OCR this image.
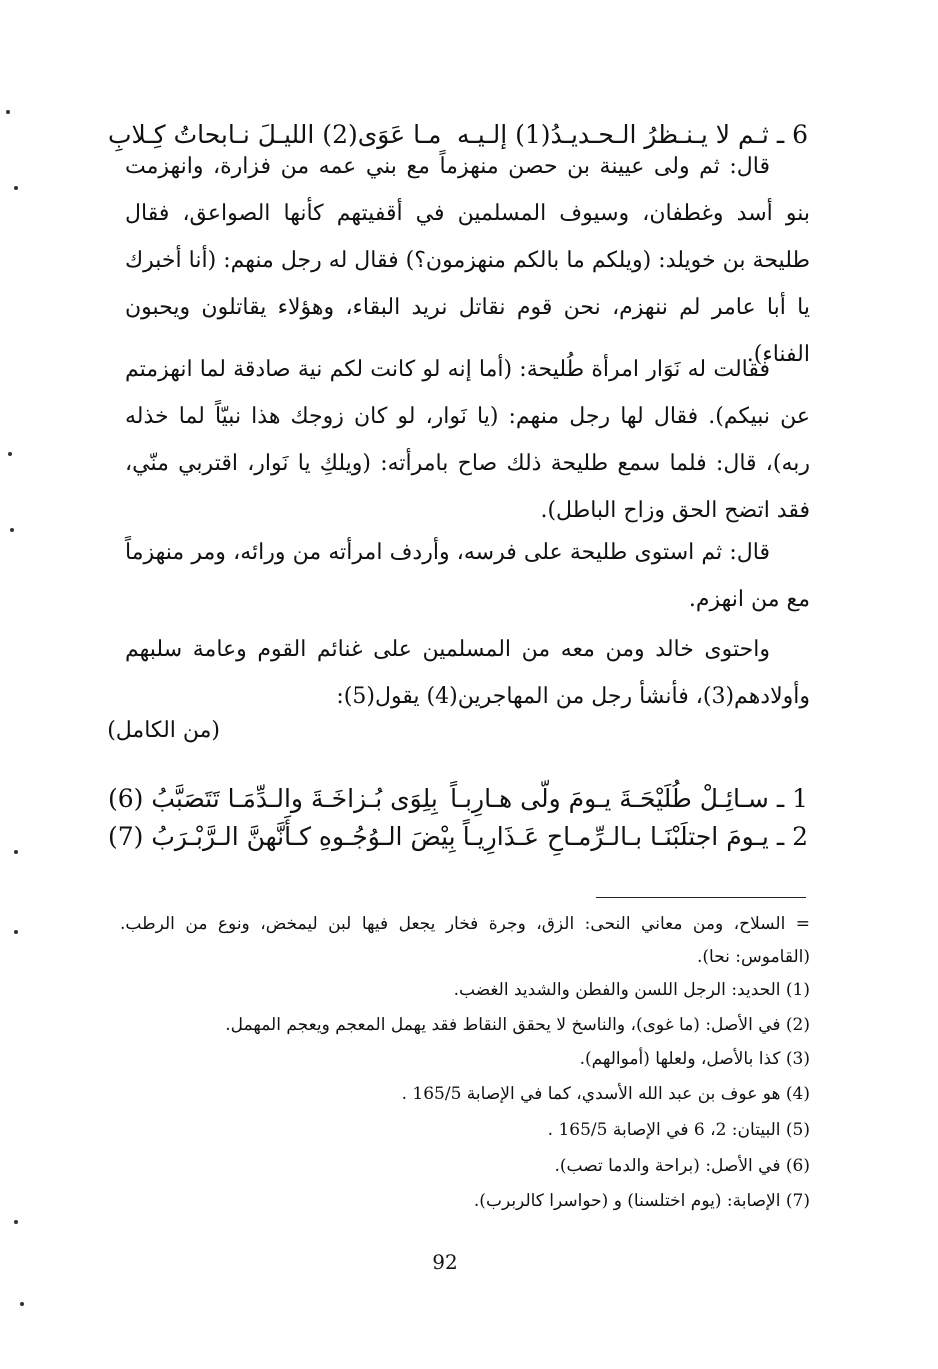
6 ـ ثـم لا يـنـظرُ الـحـديـدُ(1) إلـيـه
مـا عَوَى(2) الليـلَ نـابحاتُ كِـلابِ

قال: ثم ولى عيينة بن حصن منهزماً مع بني عمه من فزارة، وانهزمت بنو أسد وغطفان، وسيوف المسلمين في أقفيتهم كأنها الصواعق، فقال طليحة بن خويلد: (ويلكم ما بالكم منهزمون؟) فقال له رجل منهم: (أنا أخبرك يا أبا عامر لم ننهزم، نحن قوم نقاتل نريد البقاء، وهؤلاء يقاتلون ويحبون الفناء).

فقالت له نَوَار امرأة طُليحة: (أما إنه لو كانت لكم نية صادقة لما انهزمتم عن نبيكم). فقال لها رجل منهم: (يا نَوار، لو كان زوجك هذا نبيّاً لما خذله ربه)، قال: فلما سمع طليحة ذلك صاح بامرأته: (ويلكِ يا نَوار، اقتربي منّي، فقد اتضح الحق وزاح الباطل).

قال: ثم استوى طليحة على فرسه، وأردف امرأته من ورائه، ومر منهزماً مع من انهزم.

واحتوى خالد ومن معه من المسلمين على غنائم القوم وعامة سلبهم وأولادهم(3)، فأنشأ رجل من المهاجرين(4) يقول(5):

(من الكامل)
1 ـ سـائِـلْ طُلَيْحَـةَ يـومَ ولّى هـارِبـاً
بِلِوَى بُـزاخَـةَ والـدِّمَـا تَتَصَبَّبُ (6)
2 ـ يـومَ اجتلَبْنَـا بـالـرِّمـاحِ عَـذَارِيـاً
بِيْضَ الـوُجُـوهِ كـأَنَّهنَّ الـرَّبْـرَبُ (7)

= السلاح، ومن معاني النحى: الزق، وجرة فخار يجعل فيها لبن ليمخض، ونوع من الرطب. (القاموس: نحا).

(1) الحديد: الرجل اللسن والفطن والشديد الغضب.
(2) في الأصل: (ما غوى)، والناسخ لا يحقق النقاط فقد يهمل المعجم ويعجم المهمل.
(3) كذا بالأصل، ولعلها (أموالهم).
(4) هو عوف بن عبد الله الأسدي، كما في الإصابة 165/5 .
(5) البيتان: 2، 6 في الإصابة 165/5 .
(6) في الأصل: (براحة والدما تصب).
(7) الإصابة: (يوم اختلسنا) و (حواسرا كالربرب).
92
